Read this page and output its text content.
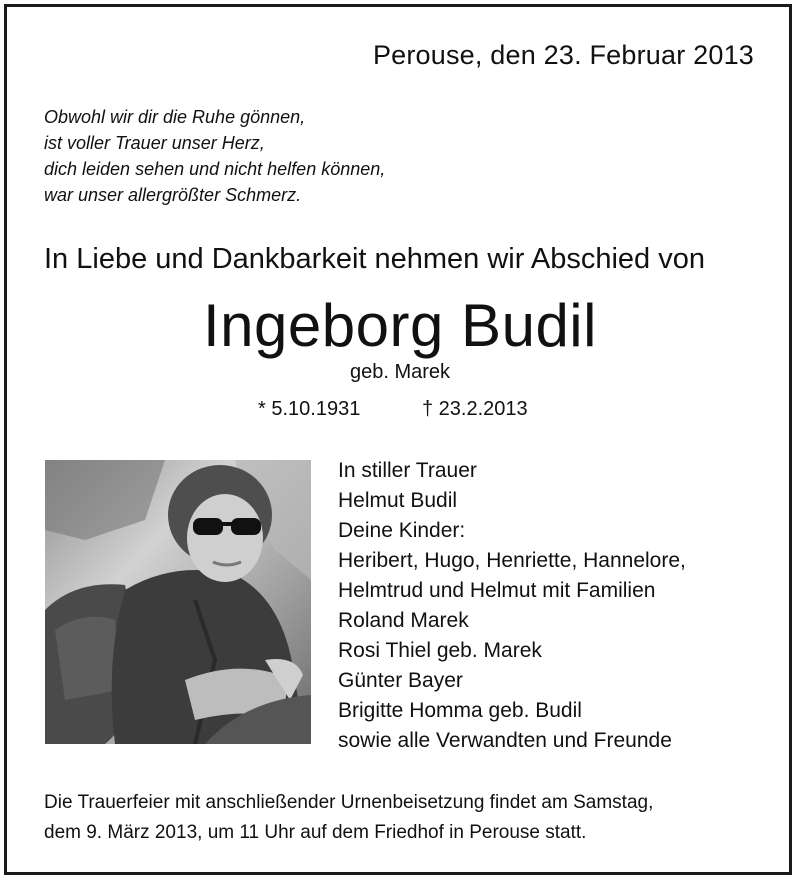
Perouse, den 23. Februar 2013
Obwohl wir dir die Ruhe gönnen,
ist voller Trauer unser Herz,
dich leiden sehen und nicht helfen können,
war unser allergrößter Schmerz.
In Liebe und Dankbarkeit nehmen wir Abschied von
Ingeborg Budil
geb. Marek
* 5.10.1931	† 23.2.2013
In stiller Trauer
Helmut Budil
Deine Kinder:
Heribert, Hugo, Henriette, Hannelore,
Helmtrud und Helmut mit Familien
Roland Marek
Rosi Thiel geb. Marek
Günter Bayer
Brigitte Homma geb. Budil
sowie alle Verwandten und Freunde
Die Trauerfeier mit anschließender Urnenbeisetzung findet am Samstag,
dem 9. März 2013, um 11 Uhr auf dem Friedhof in Perouse statt.
